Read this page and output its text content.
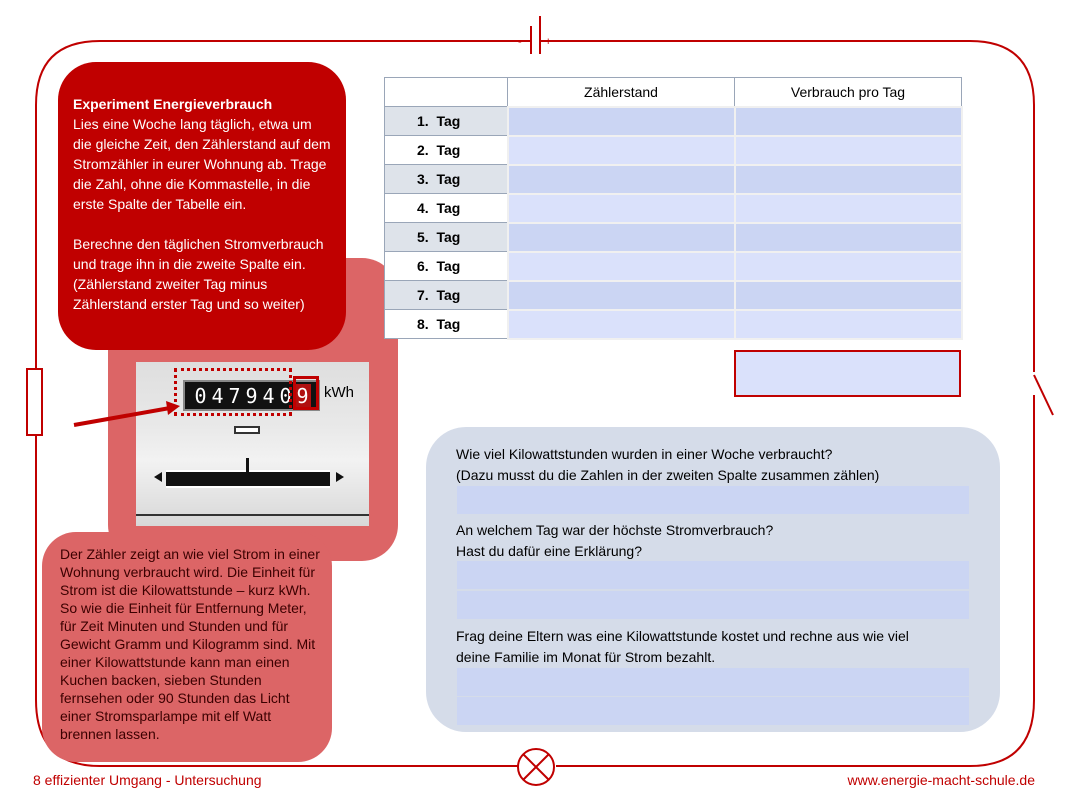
- +

Experiment Energieverbrauch
Lies eine Woche lang täglich, etwa um die gleiche Zeit, den Zählerstand auf dem Stromzähler in eurer Wohnung ab. Trage die Zahl, ohne die Kommastelle, in die erste Spalte der Tabelle ein.

Berechne den täglichen Stromverbrauch und trage ihn in die zweite Spalte ein. (Zählerstand zweiter Tag minus Zählerstand erster Tag und so weiter)

0 4 7 9 4 0 9 kWh
Der Zähler zeigt an wie viel Strom in einer Wohnung verbraucht wird. Die Einheit für Strom ist die Kilowattstunde – kurz kWh. So wie die Einheit für Entfernung Meter, für Zeit Minuten und Stunden und für Gewicht Gramm und Kilogramm sind. Mit einer Kilowattstunde kann man einen Kuchen backen, sieben Stunden fernsehen oder 90 Stunden das Licht einer Stromsparlampe mit elf Watt brennen lassen.
	Zählerstand	Verbrauch pro Tag
1. Tag		
2. Tag		
3. Tag		
4. Tag		
5. Tag		
6. Tag		
7. Tag		
8. Tag		
Wie viel Kilowattstunden wurden in einer Woche verbraucht?
(Dazu musst du die Zahlen in der zweiten Spalte zusammen zählen)
An welchem Tag war der höchste Stromverbrauch?
Hast du dafür eine Erklärung?
Frag deine Eltern was eine Kilowattstunde kostet und rechne aus wie viel
deine Familie im Monat für Strom bezahlt.
8 effizienter Umgang - Untersuchung	www.energie-macht-schule.de
